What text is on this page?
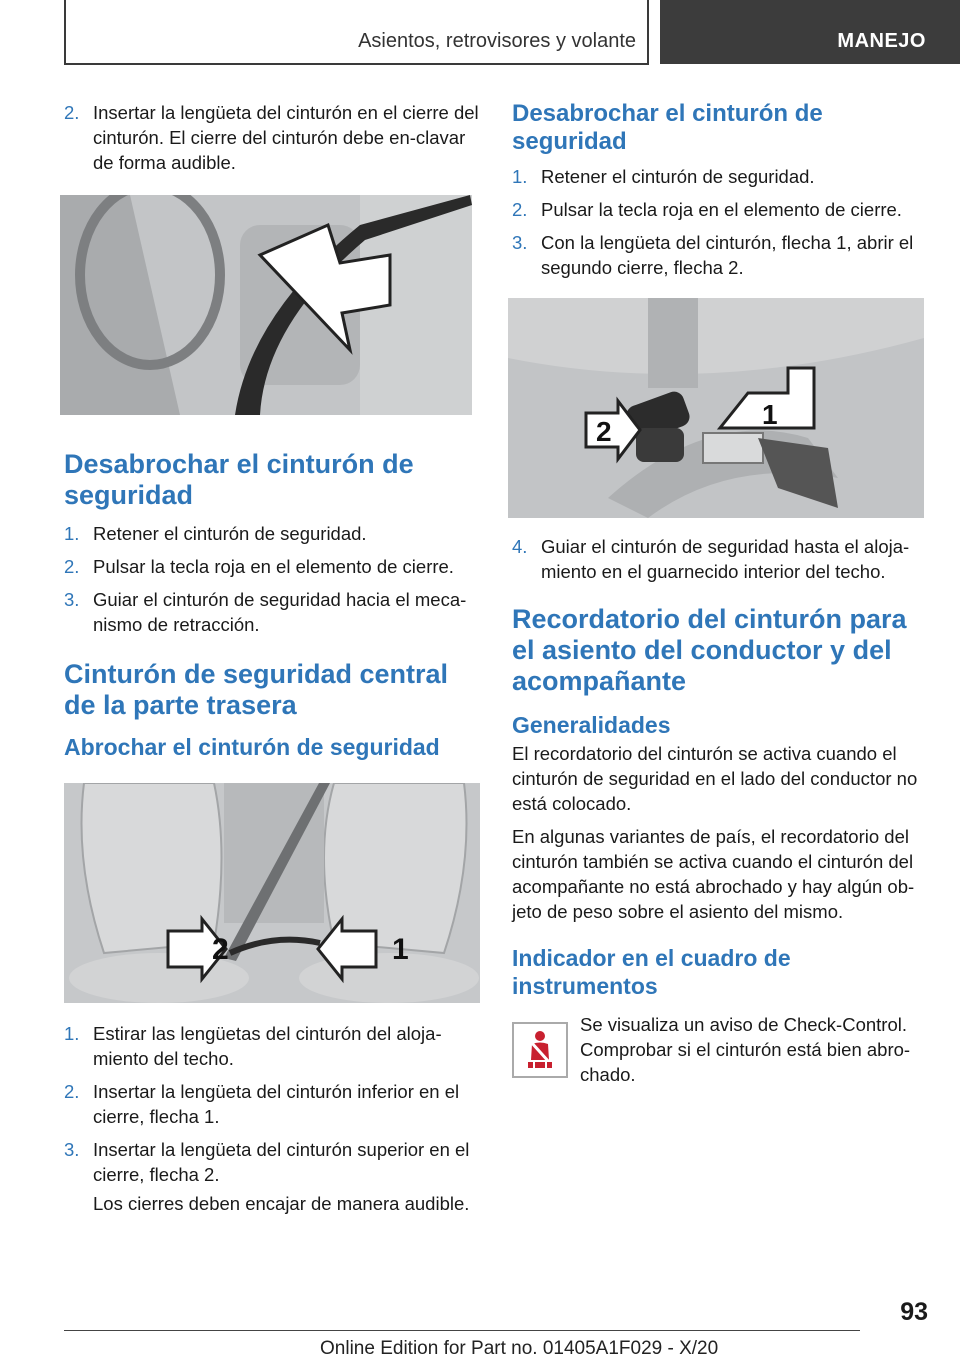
Asientos, retrovisores y volante	MANEJO
2. Insertar la lengüeta del cinturón en el cierre del cinturón. El cierre del cinturón debe en-clavar de forma audible.
Desabrochar el cinturón de seguridad
1. Retener el cinturón de seguridad.
2. Pulsar la tecla roja en el elemento de cierre.
3. Guiar el cinturón de seguridad hacia el meca-nismo de retracción.
Cinturón de seguridad central de la parte trasera
Abrochar el cinturón de seguridad
2	1
1. Estirar las lengüetas del cinturón del aloja-miento del techo.
2. Insertar la lengüeta del cinturón inferior en el cierre, flecha 1.
3. Insertar la lengüeta del cinturón superior en el cierre, flecha 2.

Los cierres deben encajar de manera audible.

Desabrochar el cinturón de seguridad
1. Retener el cinturón de seguridad.
2. Pulsar la tecla roja en el elemento de cierre.
3. Con la lengüeta del cinturón, flecha 1, abrir el segundo cierre, flecha 2.
2
1
4. Guiar el cinturón de seguridad hasta el aloja-miento en el guarnecido interior del techo.
Recordatorio del cinturón para el asiento del conductor y del acompañante
Generalidades

El recordatorio del cinturón se activa cuando el cinturón de seguridad en el lado del conductor no está colocado.

En algunas variantes de país, el recordatorio del cinturón también se activa cuando el cinturón del acompañante no está abrochado y hay algún ob-jeto de peso sobre el asiento del mismo.

Indicador en el cuadro de instrumentos

Se visualiza un aviso de Check-Control. Comprobar si el cinturón está bien abro-chado.

93
Online Edition for Part no. 01405A1F029 - X/20
